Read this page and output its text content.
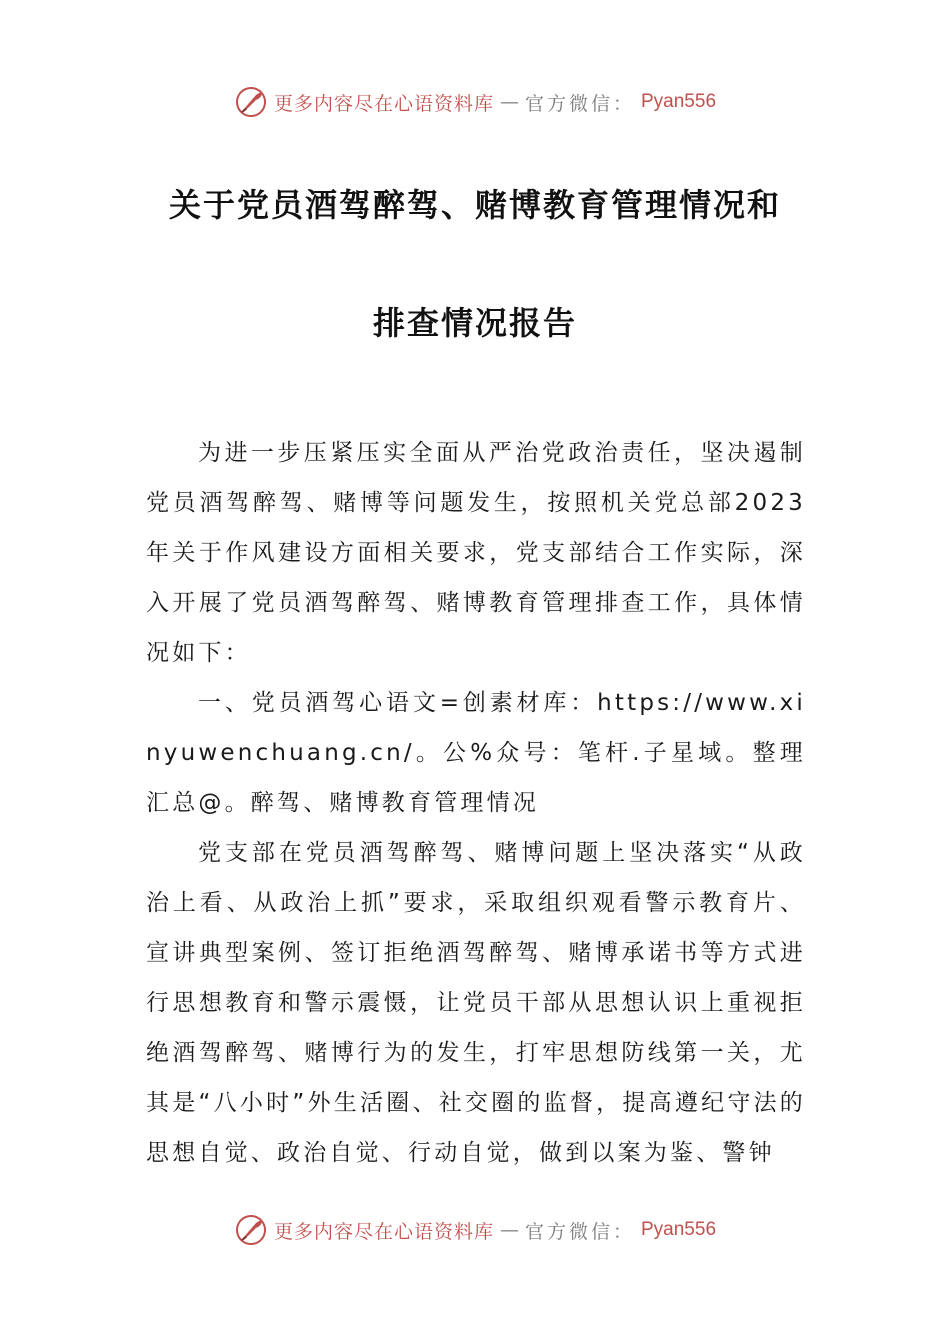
更多内容尽在心语资料库 — 官方微信： Pyan556
关于党员酒驾醉驾、赌博教育管理情况和
排查情况报告

为进一步压紧压实全面从严治党政治责任，坚决遏制党员酒驾醉驾、赌博等问题发生，按照机关党总部2023年关于作风建设方面相关要求，党支部结合工作实际，深入开展了党员酒驾醉驾、赌博教育管理排查工作，具体情况如下：

一、党员酒驾心语文=创素材库：https://www.xinyuwenchuang.cn/。公%众号：笔杆.子星域。整理汇总@。醉驾、赌博教育管理情况

党支部在党员酒驾醉驾、赌博问题上坚决落实“从政治上看、从政治上抓”要求，采取组织观看警示教育片、宣讲典型案例、签订拒绝酒驾醉驾、赌博承诺书等方式进行思想教育和警示震慑，让党员干部从思想认识上重视拒绝酒驾醉驾、赌博行为的发生，打牢思想防线第一关，尤其是“八小时”外生活圈、社交圈的监督，提高遵纪守法的思想自觉、政治自觉、行动自觉，做到以案为鉴、警钟

更多内容尽在心语资料库 — 官方微信： Pyan556
